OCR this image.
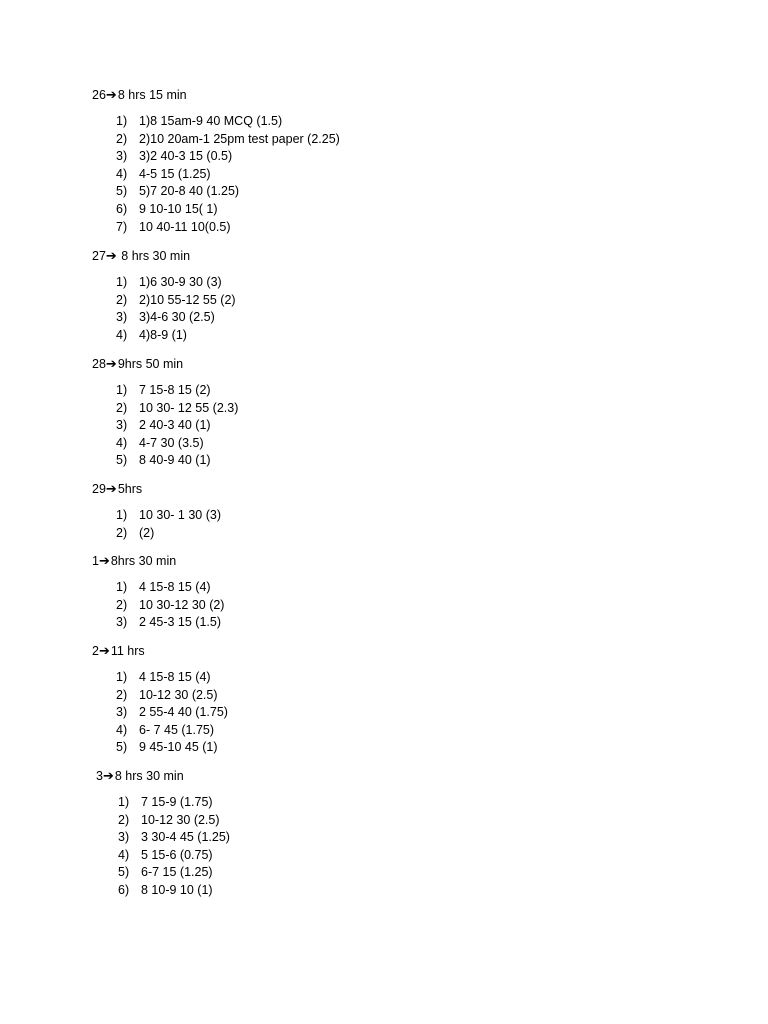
26➔8 hrs 15 min
1) 1)8 15am-9 40 MCQ (1.5)
2) 2)10 20am-1 25pm test paper (2.25)
3) 3)2 40-3 15 (0.5)
4) 4-5 15 (1.25)
5) 5)7 20-8 40 (1.25)
6) 9 10-10 15( 1)
7) 10 40-11 10(0.5)
27➔ 8 hrs 30 min
1) 1)6 30-9 30 (3)
2) 2)10 55-12 55 (2)
3) 3)4-6 30 (2.5)
4) 4)8-9 (1)
28➔9hrs 50 min
1) 7 15-8 15 (2)
2) 10 30- 12 55 (2.3)
3) 2 40-3 40 (1)
4) 4-7 30 (3.5)
5) 8 40-9 40 (1)
29➔5hrs
1) 10 30- 1 30 (3)
2) (2)
1➔8hrs 30 min
1) 4 15-8 15 (4)
2) 10 30-12 30 (2)
3) 2 45-3 15 (1.5)
2➔11 hrs
1) 4 15-8 15 (4)
2) 10-12 30 (2.5)
3) 2 55-4 40 (1.75)
4) 6- 7 45 (1.75)
5) 9 45-10 45 (1)
3➔8 hrs 30 min
1) 7 15-9 (1.75)
2) 10-12 30 (2.5)
3) 3 30-4 45 (1.25)
4) 5 15-6 (0.75)
5) 6-7 15 (1.25)
6) 8 10-9 10 (1)
